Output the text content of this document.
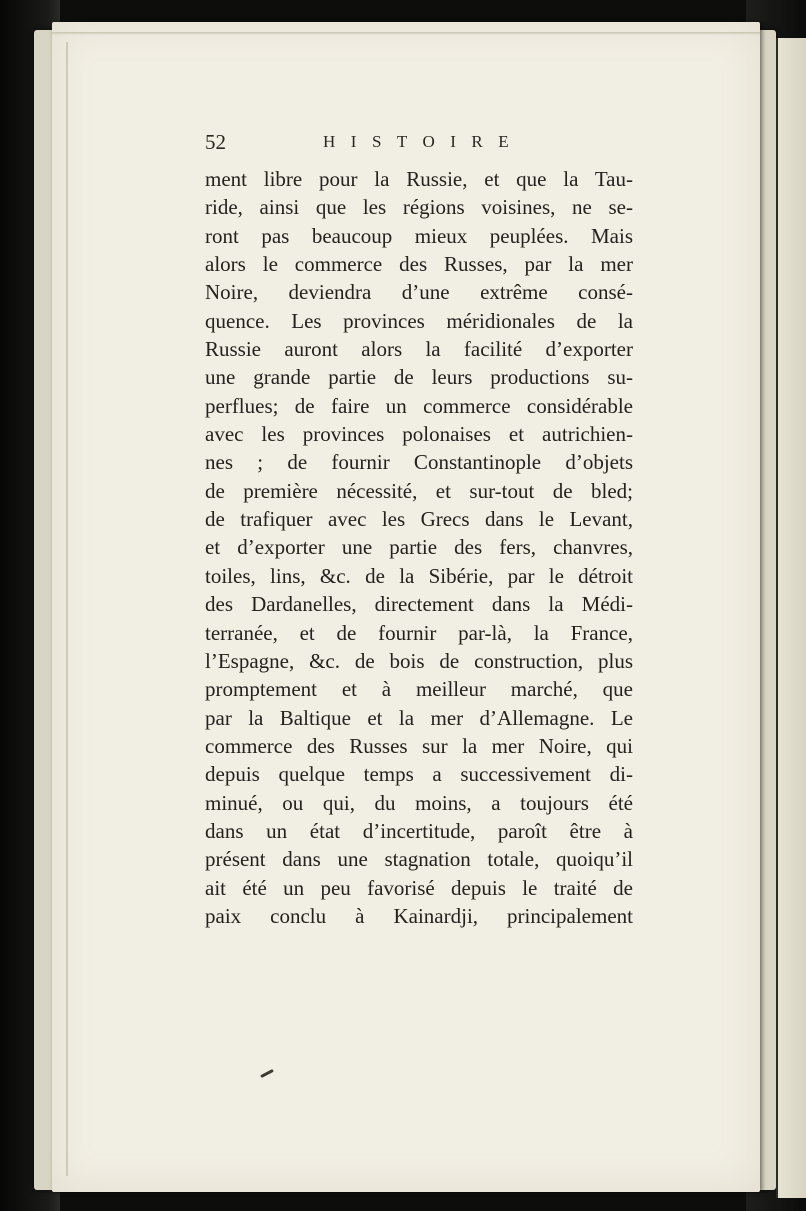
52	HISTOIRE
ment libre pour la Russie, et que la Tau-
ride, ainsi que les régions voisines, ne se-
ront pas beaucoup mieux peuplées. Mais
alors le commerce des Russes, par la mer
Noire, deviendra d’une extrême consé-
quence. Les provinces méridionales de la
Russie auront alors la facilité d’exporter
une grande partie de leurs productions su-
perflues; de faire un commerce considérable
avec les provinces polonaises et autrichien-
nes ; de fournir Constantinople d’objets
de première nécessité, et sur-tout de bled;
de trafiquer avec les Grecs dans le Levant,
et d’exporter une partie des fers, chanvres,
toiles, lins, &c. de la Sibérie, par le détroit
des Dardanelles, directement dans la Médi-
terranée, et de fournir par-là, la France,
l’Espagne, &c. de bois de construction, plus
promptement et à meilleur marché, que
par la Baltique et la mer d’Allemagne. Le
commerce des Russes sur la mer Noire, qui
depuis quelque temps a successivement di-
minué, ou qui, du moins, a toujours été
dans un état d’incertitude, paroît être à
présent dans une stagnation totale, quoiqu’il
ait été un peu favorisé depuis le traité de
paix conclu à Kainardji, principalement
